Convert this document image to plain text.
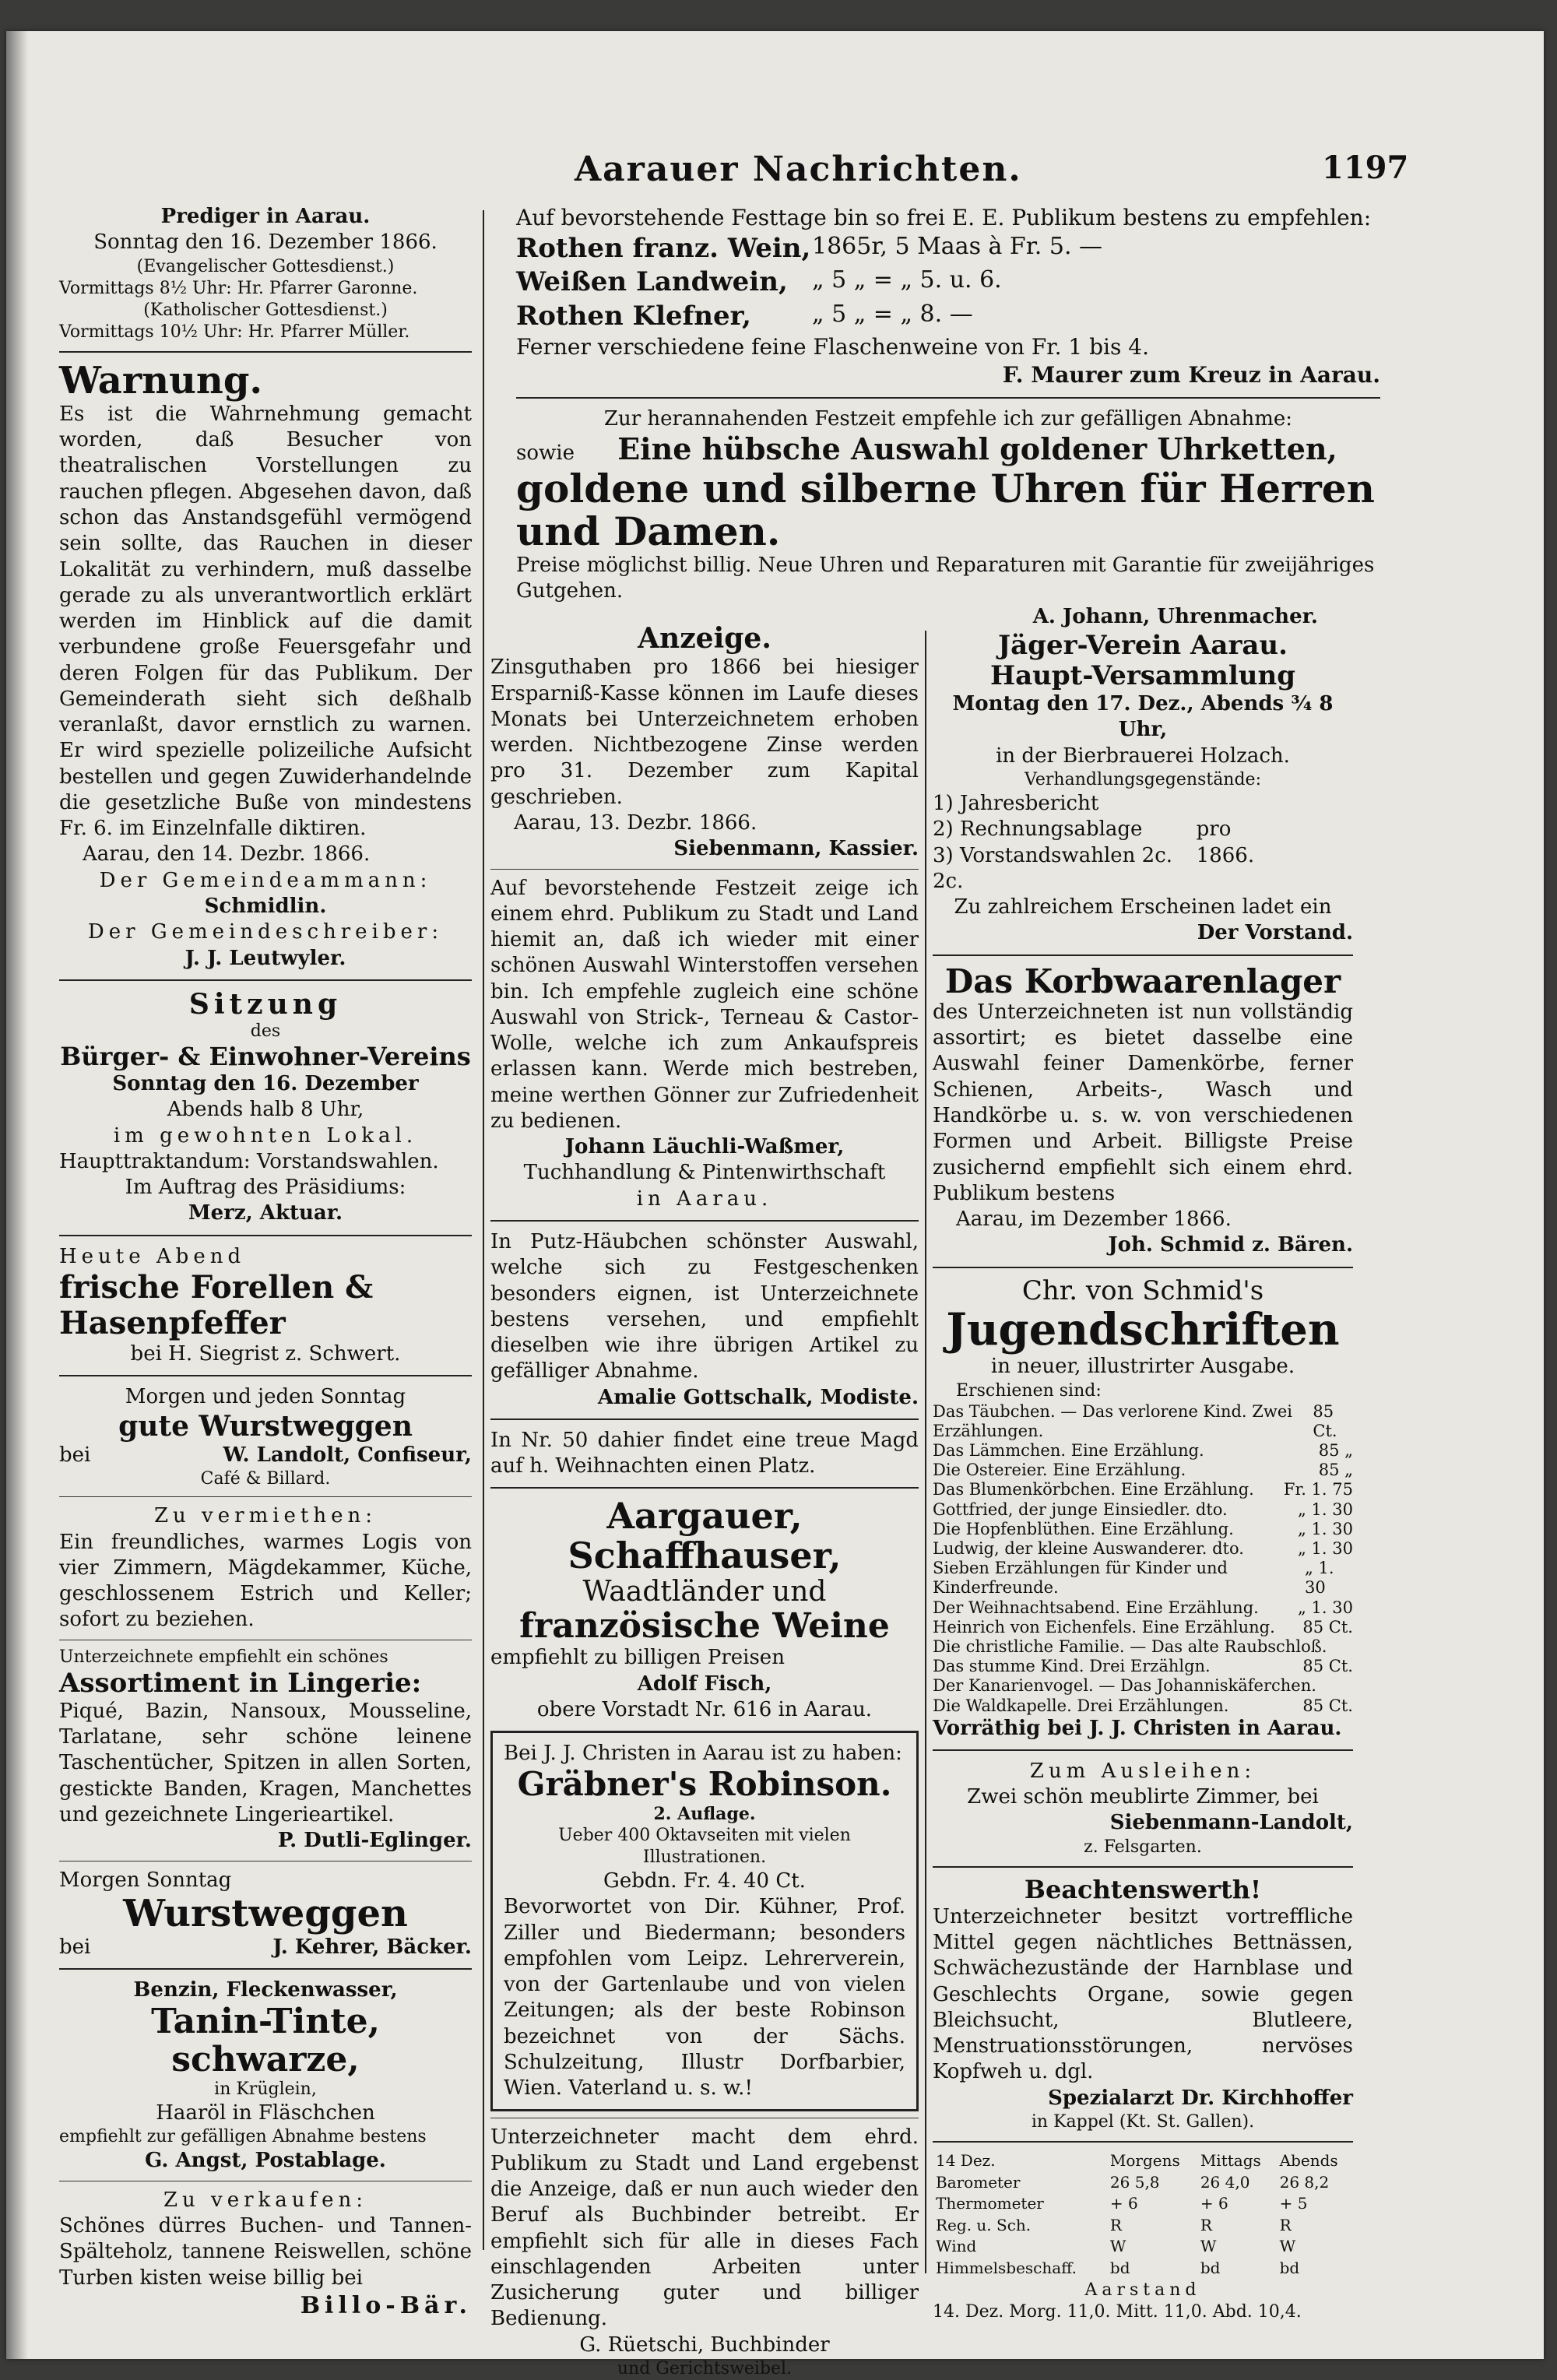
Aarauer Nachrichten.	1197
Prediger in Aarau.
Sonntag den 16. Dezember 1866.
(Evangelischer Gottesdienst.)
Vormittags 8½ Uhr: Hr. Pfarrer Garonne.
(Katholischer Gottesdienst.)
Vormittags 10½ Uhr: Hr. Pfarrer Müller.
Warnung.
Es ist die Wahrnehmung gemacht worden, daß Besucher von theatralischen Vorstellungen zu rauchen pflegen. Abgesehen davon, daß schon das Anstandsgefühl vermögend sein sollte, das Rauchen in dieser Lokalität zu verhindern, muß dasselbe gerade zu als unverantwortlich erklärt werden im Hinblick auf die damit verbundene große Feuersgefahr und deren Folgen für das Publikum. Der Gemeinderath sieht sich deßhalb veranlaßt, davor ernstlich zu warnen. Er wird spezielle polizeiliche Aufsicht bestellen und gegen Zuwiderhandelnde die gesetzliche Buße von mindestens Fr. 6. im Einzelnfalle diktiren.
Aarau, den 14. Dezbr. 1866.
Der Gemeindeammann:
Schmidlin.
Der Gemeindeschreiber:
J. J. Leutwyler.
Sitzung
des
Bürger- & Einwohner-Vereins
Sonntag den 16. Dezember
Abends halb 8 Uhr,
im gewohnten Lokal.
Haupttraktandum: Vorstandswahlen.
Im Auftrag des Präsidiums:
Merz, Aktuar.
Heute Abend
frische Forellen & Hasenpfeffer
bei H. Siegrist z. Schwert.
Morgen und jeden Sonntag
gute Wurstweggen
bei	W. Landolt, Confiseur,
Café & Billard.
Zu vermiethen:
Ein freundliches, warmes Logis von vier Zimmern, Mägdekammer, Küche, geschlossenem Estrich und Keller; sofort zu beziehen.
Unterzeichnete empfiehlt ein schönes
Assortiment in Lingerie:
Piqué, Bazin, Nansoux, Mousseline, Tarlatane, sehr schöne leinene Taschentücher, Spitzen in allen Sorten, gestickte Banden, Kragen, Manchettes und gezeichnete Lingerieartikel.
P. Dutli-Eglinger.
Morgen Sonntag
Wurstweggen
bei	J. Kehrer, Bäcker.
Benzin, Fleckenwasser,
Tanin-Tinte, schwarze,
in Krüglein,
Haaröl in Fläschchen
empfiehlt zur gefälligen Abnahme bestens
G. Angst, Postablage.
Zu verkaufen:
Schönes dürres Buchen- und Tannen-Spälteholz, tannene Reiswellen, schöne Turben kisten weise billig bei
Billo-Bär.
Auf bevorstehende Festtage bin so frei E. E. Publikum bestens zu empfehlen:
Rothen franz. Wein, 1865r, 5 Maas à Fr. 5. —
Weißen Landwein,	„ 5 „ = „ 5. u. 6.
Rothen Klefner,	„ 5 „ = „ 8. —
Ferner verschiedene feine Flaschenweine von Fr. 1 bis 4.
F. Maurer zum Kreuz in Aarau.
Zur herannahenden Festzeit empfehle ich zur gefälligen Abnahme:
sowie	Eine hübsche Auswahl goldener Uhrketten,
goldene und silberne Uhren für Herren und Damen.
Preise möglichst billig. Neue Uhren und Reparaturen mit Garantie für zweijähriges Gutgehen.
A. Johann, Uhrenmacher.
Anzeige.
Zinsguthaben pro 1866 bei hiesiger Ersparniß-Kasse können im Laufe dieses Monats bei Unterzeichnetem erhoben werden. Nichtbezogene Zinse werden pro 31. Dezember zum Kapital geschrieben.
Aarau, 13. Dezbr. 1866.
Siebenmann, Kassier.
Auf bevorstehende Festzeit zeige ich einem ehrd. Publikum zu Stadt und Land hiemit an, daß ich wieder mit einer schönen Auswahl Winterstoffen versehen bin. Ich empfehle zugleich eine schöne Auswahl von Strick-, Terneau & Castor-Wolle, welche ich zum Ankaufspreis erlassen kann. Werde mich bestreben, meine werthen Gönner zur Zufriedenheit zu bedienen.
Johann Läuchli-Waßmer,
Tuchhandlung & Pintenwirthschaft
in Aarau.
In Putz-Häubchen schönster Auswahl, welche sich zu Festgeschenken besonders eignen, ist Unterzeichnete bestens versehen, und empfiehlt dieselben wie ihre übrigen Artikel zu gefälliger Abnahme.
Amalie Gottschalk, Modiste.
In Nr. 50 dahier findet eine treue Magd auf h. Weihnachten einen Platz.
Aargauer, Schaffhauser,
Waadtländer und
französische Weine
empfiehlt zu billigen Preisen
Adolf Fisch,
obere Vorstadt Nr. 616 in Aarau.
Bei J. J. Christen in Aarau ist zu haben:
Gräbner's Robinson.
2. Auflage.
Ueber 400 Oktavseiten mit vielen Illustrationen.
Gebdn. Fr. 4. 40 Ct.
Bevorwortet von Dir. Kühner, Prof. Ziller und Biedermann; besonders empfohlen vom Leipz. Lehrerverein, von der Gartenlaube und von vielen Zeitungen; als der beste Robinson bezeichnet von der Sächs. Schulzeitung, Illustr Dorfbarbier, Wien. Vaterland u. s. w.!
Unterzeichneter macht dem ehrd. Publikum zu Stadt und Land ergebenst die Anzeige, daß er nun auch wieder den Beruf als Buchbinder betreibt. Er empfiehlt sich für alle in dieses Fach einschlagenden Arbeiten unter Zusicherung guter und billiger Bedienung.
G. Rüetschi, Buchbinder
und Gerichtsweibel.
Jäger-Verein Aarau.
Haupt-Versammlung
Montag den 17. Dez., Abends ¾ 8 Uhr,
in der Bierbrauerei Holzach.
Verhandlungsgegenstände:
1) Jahresbericht
2) Rechnungsablage
3) Vorstandswahlen 2c. 2c.
pro 1866.
Zu zahlreichem Erscheinen ladet ein
Der Vorstand.
Das Korbwaarenlager
des Unterzeichneten ist nun vollständig assortirt; es bietet dasselbe eine Auswahl feiner Damenkörbe, ferner Schienen, Arbeits-, Wasch und Handkörbe u. s. w. von verschiedenen Formen und Arbeit. Billigste Preise zusichernd empfiehlt sich einem ehrd. Publikum bestens
Aarau, im Dezember 1866.
Joh. Schmid z. Bären.
Chr. von Schmid's
Jugendschriften
in neuer, illustrirter Ausgabe.
Erschienen sind:
Das Täubchen. — Das verlorene Kind. Zwei Erzählungen.
85 Ct.
Das Lämmchen. Eine Erzählung.	85 „
Die Ostereier. Eine Erzählung.	85 „
Das Blumenkörbchen. Eine Erzählung. Fr. 1. 75
Gottfried, der junge Einsiedler. dto.	„ 1. 30
Die Hopfenblüthen. Eine Erzählung.	„ 1. 30
Ludwig, der kleine Auswanderer. dto.	„ 1. 30
Sieben Erzählungen für Kinder und Kinderfreunde.
„ 1. 30
Der Weihnachtsabend. Eine Erzählung. „ 1. 30
Heinrich von Eichenfels. Eine Erzählung. 85 Ct.
Die christliche Familie. — Das alte Raubschloß.
Das stumme Kind. Drei Erzählgn.	85 Ct.
Der Kanarienvogel. — Das Johanniskäferchen.
Die Waldkapelle. Drei Erzählungen.	85 Ct.
Vorräthig bei J. J. Christen in Aarau.
Zum Ausleihen:
Zwei schön meublirte Zimmer, bei
Siebenmann-Landolt,
z. Felsgarten.
Beachtenswerth!
Unterzeichneter besitzt vortreffliche Mittel gegen nächtliches Bettnässen, Schwächezustände der Harnblase und Geschlechts Organe, sowie gegen Bleichsucht, Blutleere, Menstruationsstörungen, nervöses Kopfweh u. dgl.
Spezialarzt Dr. Kirchhoffer
in Kappel (Kt. St. Gallen).
14 Dez.	Morgens	Mittags	Abends
Barometer	26 5,8	26 4,0	26 8,2
Thermometer	+ 6	+ 6	+ 5
Reg. u. Sch.	R	R	R
Wind	W	W	W
Himmelsbeschaff.	bd	bd	bd
Aarstand
14. Dez. Morg. 11,0. Mitt. 11,0. Abd. 10,4.
